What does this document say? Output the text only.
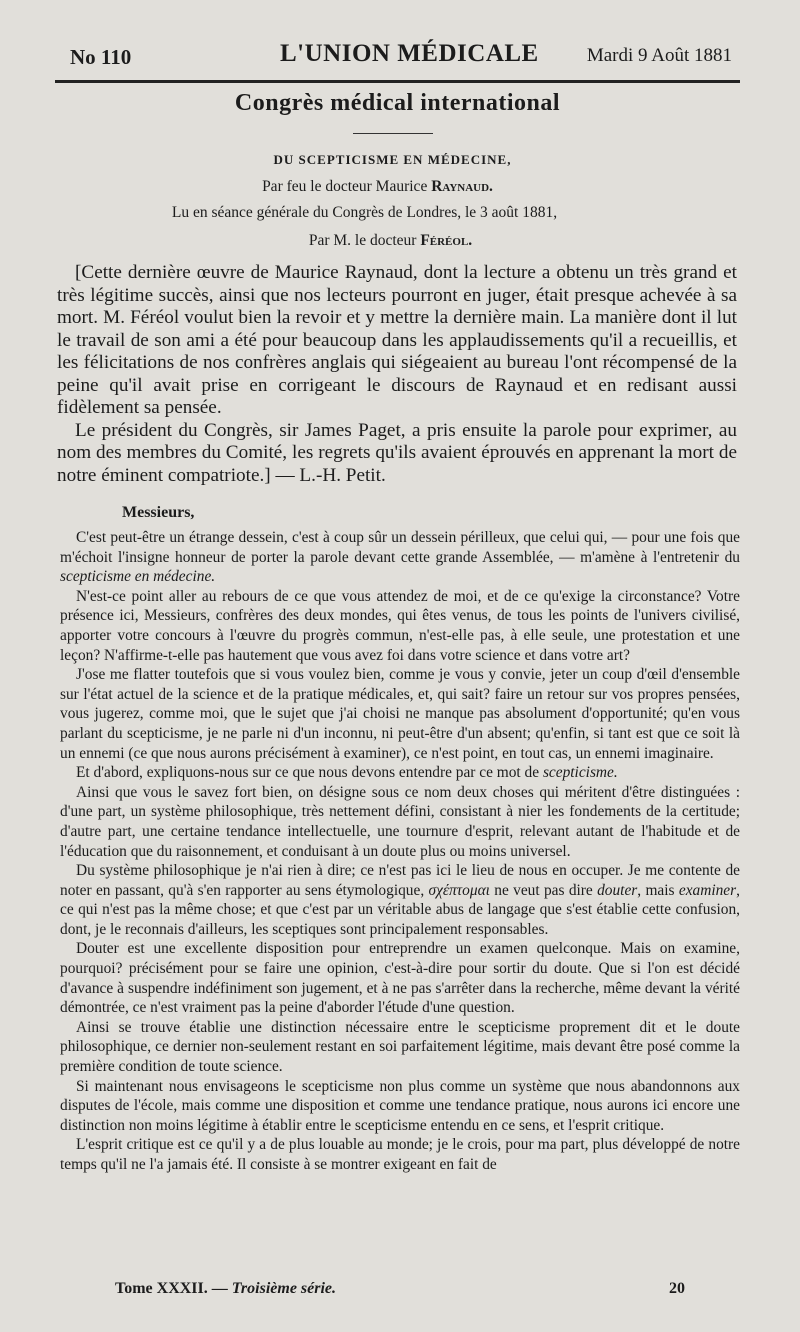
No 110	L'UNION MÉDICALE	Mardi 9 Août 1881
Congrès médical international
DU SCEPTICISME EN MÉDECINE,
Par feu le docteur Maurice Raynaud.
Lu en séance générale du Congrès de Londres, le 3 août 1881,
Par M. le docteur Féréol.

[Cette dernière œuvre de Maurice Raynaud, dont la lecture a obtenu un très grand et très légitime succès, ainsi que nos lecteurs pourront en juger, était presque achevée à sa mort. M. Féréol voulut bien la revoir et y mettre la dernière main. La manière dont il lut le travail de son ami a été pour beaucoup dans les applaudissements qu'il a recueillis, et les félicitations de nos confrères anglais qui siégeaient au bureau l'ont récompensé de la peine qu'il avait prise en corrigeant le discours de Raynaud et en redisant aussi fidèlement sa pensée.

Le président du Congrès, sir James Paget, a pris ensuite la parole pour exprimer, au nom des membres du Comité, les regrets qu'ils avaient éprouvés en apprenant la mort de notre éminent compatriote.] — L.-H. Petit.

Messieurs,

C'est peut-être un étrange dessein, c'est à coup sûr un dessein périlleux, que celui qui, — pour une fois que m'échoit l'insigne honneur de porter la parole devant cette grande Assemblée, — m'amène à l'entretenir du scepticisme en médecine.

N'est-ce point aller au rebours de ce que vous attendez de moi, et de ce qu'exige la circonstance? Votre présence ici, Messieurs, confrères des deux mondes, qui êtes venus, de tous les points de l'univers civilisé, apporter votre concours à l'œuvre du progrès commun, n'est-elle pas, à elle seule, une protestation et une leçon? N'affirme-t-elle pas hautement que vous avez foi dans votre science et dans votre art?

J'ose me flatter toutefois que si vous voulez bien, comme je vous y convie, jeter un coup d'œil d'ensemble sur l'état actuel de la science et de la pratique médicales, et, qui sait? faire un retour sur vos propres pensées, vous jugerez, comme moi, que le sujet que j'ai choisi ne manque pas absolument d'opportunité; qu'en vous parlant du scepticisme, je ne parle ni d'un inconnu, ni peut-être d'un absent; qu'enfin, si tant est que ce soit là un ennemi (ce que nous aurons précisément à examiner), ce n'est point, en tout cas, un ennemi imaginaire.

Et d'abord, expliquons-nous sur ce que nous devons entendre par ce mot de scepticisme.

Ainsi que vous le savez fort bien, on désigne sous ce nom deux choses qui méritent d'être distinguées : d'une part, un système philosophique, très nettement défini, consistant à nier les fondements de la certitude; d'autre part, une certaine tendance intellectuelle, une tournure d'esprit, relevant autant de l'habitude et de l'éducation que du raisonnement, et conduisant à un doute plus ou moins universel.

Du système philosophique je n'ai rien à dire; ce n'est pas ici le lieu de nous en occuper. Je me contente de noter en passant, qu'à s'en rapporter au sens étymologique, σχέπτομαι ne veut pas dire douter, mais examiner, ce qui n'est pas la même chose; et que c'est par un véritable abus de langage que s'est établie cette confusion, dont, je le reconnais d'ailleurs, les sceptiques sont principalement responsables.

Douter est une excellente disposition pour entreprendre un examen quelconque. Mais on examine, pourquoi? précisément pour se faire une opinion, c'est-à-dire pour sortir du doute. Que si l'on est décidé d'avance à suspendre indéfiniment son jugement, et à ne pas s'arrêter dans la recherche, même devant la vérité démontrée, ce n'est vraiment pas la peine d'aborder l'étude d'une question.

Ainsi se trouve établie une distinction nécessaire entre le scepticisme proprement dit et le doute philosophique, ce dernier non-seulement restant en soi parfaitement légitime, mais devant être posé comme la première condition de toute science.

Si maintenant nous envisageons le scepticisme non plus comme un système que nous abandonnons aux disputes de l'école, mais comme une disposition et comme une tendance pratique, nous aurons ici encore une distinction non moins légitime à établir entre le scepticisme entendu en ce sens, et l'esprit critique.

L'esprit critique est ce qu'il y a de plus louable au monde; je le crois, pour ma part, plus développé de notre temps qu'il ne l'a jamais été. Il consiste à se montrer exigeant en fait de

Tome XXXII. — Troisième série.	20
